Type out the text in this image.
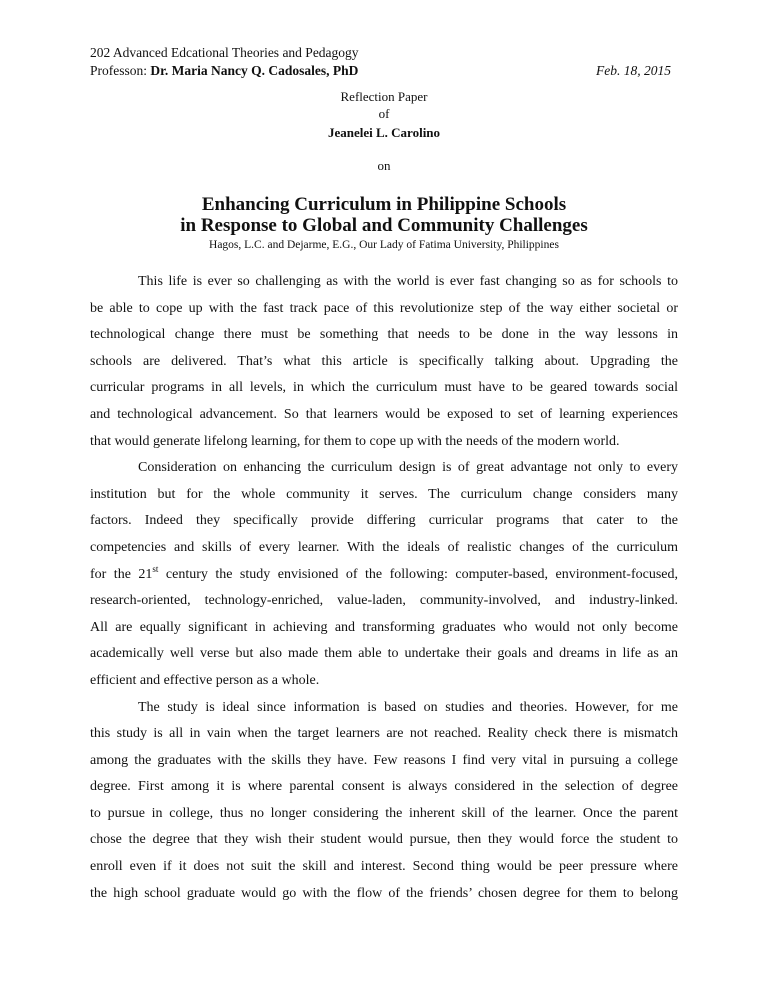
202 Advanced Edcational Theories and Pedagogy
Professon: Dr. Maria Nancy Q. Cadosales, PhD	Feb. 18, 2015
Reflection Paper
of
Jeanelei L. Carolino
on
Enhancing Curriculum in Philippine Schools
in Response to Global and Community Challenges
Hagos, L.C. and Dejarme, E.G., Our Lady of Fatima University, Philippines
This life is ever so challenging as with the world is ever fast changing so as for schools to
be able to cope up with the fast track pace of this revolutionize step of the way either societal or
technological change there must be something that needs to be done in the way lessons in
schools are delivered. That’s what this article is specifically talking about. Upgrading the
curricular programs in all levels, in which the curriculum must have to be geared towards social
and technological advancement. So that learners would be exposed to set of learning experiences
that would generate lifelong learning, for them to cope up with the needs of the modern world.
Consideration on enhancing the curriculum design is of great advantage not only to every
institution but for the whole community it serves. The curriculum change considers many
factors. Indeed they specifically provide differing curricular programs that cater to the
competencies and skills of every learner. With the ideals of realistic changes of the curriculum
for the 21st century the study envisioned of the following: computer-based, environment-focused,
research-oriented, technology-enriched, value-laden, community-involved, and industry-linked.
All are equally significant in achieving and transforming graduates who would not only become
academically well verse but also made them able to undertake their goals and dreams in life as an
efficient and effective person as a whole.
The study is ideal since information is based on studies and theories. However, for me
this study is all in vain when the target learners are not reached. Reality check there is mismatch
among the graduates with the skills they have. Few reasons I find very vital in pursuing a college
degree. First among it is where parental consent is always considered in the selection of degree
to pursue in college, thus no longer considering the inherent skill of the learner. Once the parent
chose the degree that they wish their student would pursue, then they would force the student to
enroll even if it does not suit the skill and interest. Second thing would be peer pressure where
the high school graduate would go with the flow of the friends’ chosen degree for them to belong
